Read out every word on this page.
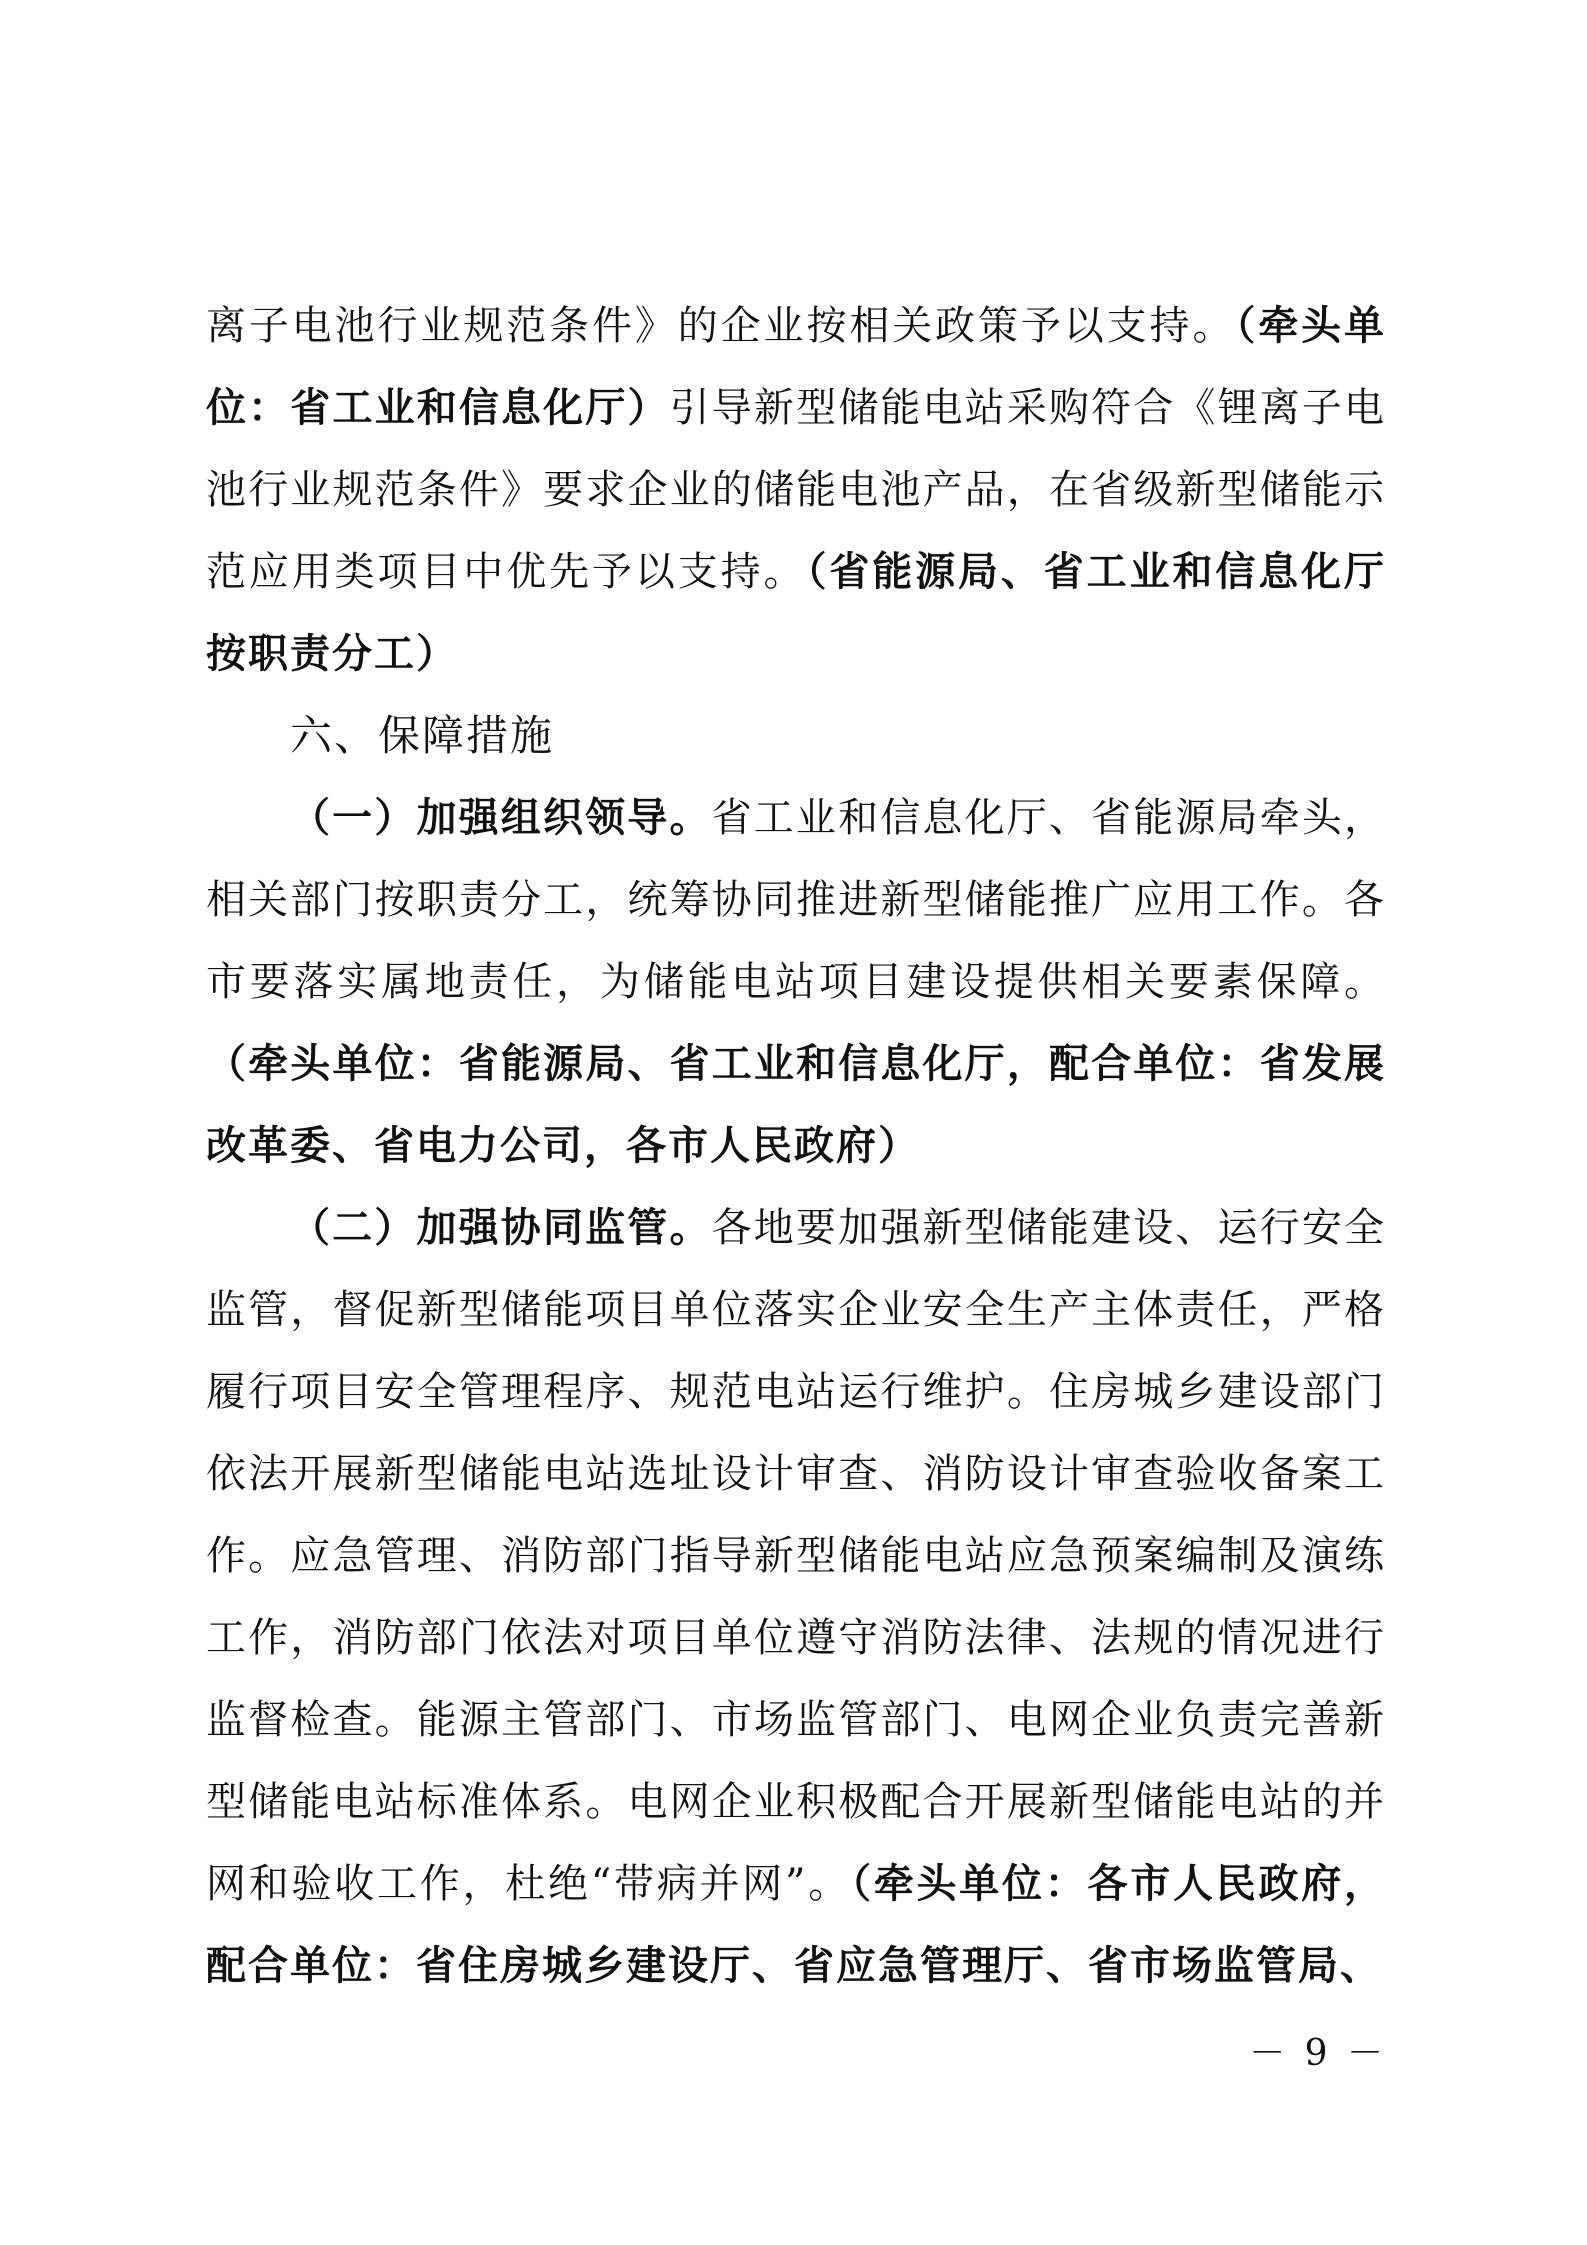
离子电池行业规范条件》的企业按相关政策予以支持。（牵头单位：省工业和信息化厅）引导新型储能电站采购符合《锂离子电池行业规范条件》要求企业的储能电池产品，在省级新型储能示范应用类项目中优先予以支持。（省能源局、省工业和信息化厅按职责分工）

六、保障措施

（一）加强组织领导。省工业和信息化厅、省能源局牵头，相关部门按职责分工，统筹协同推进新型储能推广应用工作。各市要落实属地责任，为储能电站项目建设提供相关要素保障。（牵头单位：省能源局、省工业和信息化厅，配合单位：省发展改革委、省电力公司，各市人民政府）

（二）加强协同监管。各地要加强新型储能建设、运行安全监管，督促新型储能项目单位落实企业安全生产主体责任，严格履行项目安全管理程序、规范电站运行维护。住房城乡建设部门依法开展新型储能电站选址设计审查、消防设计审查验收备案工作。应急管理、消防部门指导新型储能电站应急预案编制及演练工作，消防部门依法对项目单位遵守消防法律、法规的情况进行监督检查。能源主管部门、市场监管部门、电网企业负责完善新型储能电站标准体系。电网企业积极配合开展新型储能电站的并网和验收工作，杜绝“带病并网”。（牵头单位：各市人民政府，配合单位：省住房城乡建设厅、省应急管理厅、省市场监管局、

－ 9 －
